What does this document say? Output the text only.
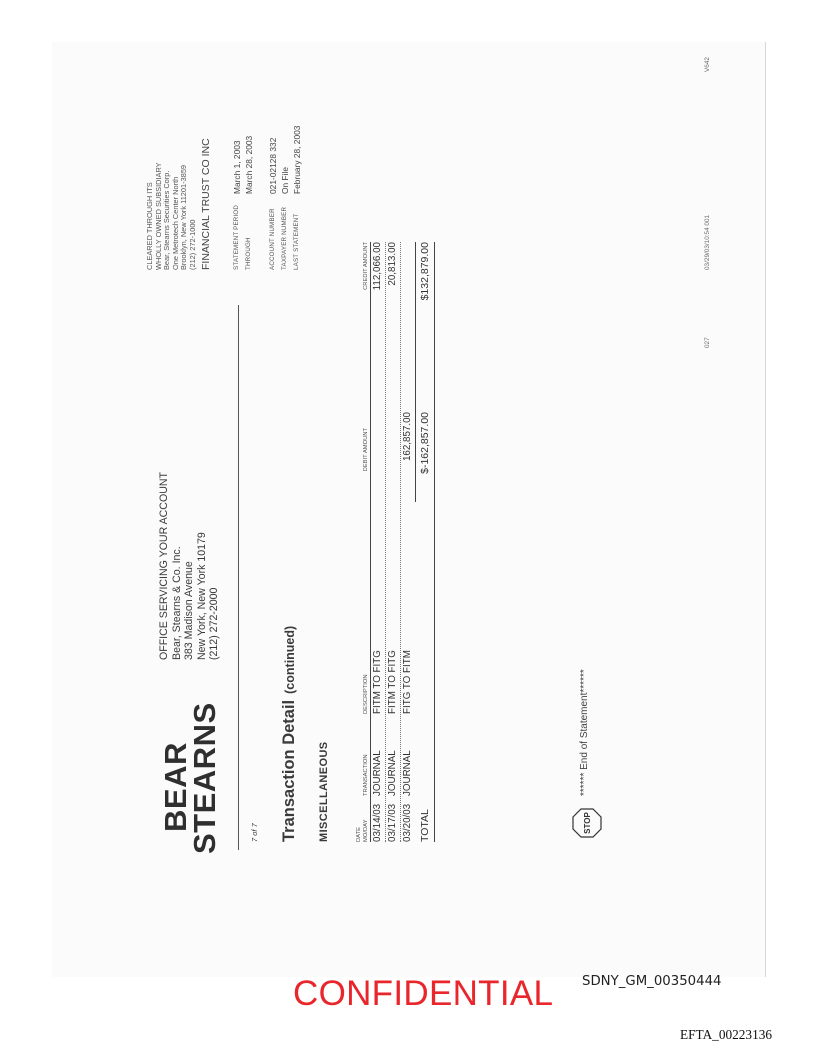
BEAR
STEARNS
OFFICE SERVICING YOUR ACCOUNT Bear, Stearns & Co. Inc. 383 Madison Avenue New York, New York 10179 (212) 272-2000
CLEARED THROUGH ITS WHOLLY OWNED SUBSIDIARY Bear, Stearns Securities Corp. One Metrotech Center North Brooklyn, New York 11201-3859 (212) 272-1000 FINANCIAL TRUST CO INC
7 of 7
STATEMENT PERIOD
March 1, 2003
THROUGH
March 28, 2003
ACCOUNT NUMBER
021-02128 332
TAXPAYER NUMBER
On File
LAST STATEMENT
February 28, 2003
Transaction Detail(continued)
MISCELLANEOUS	DATE MO/DAY
TRANSACTION
DESCRIPTION
DEBIT AMOUNT
CREDIT AMOUNT
03/14/03
JOURNAL
FITM TO FITG
112,066.00
03/17/03
JOURNAL
FITM TO FITG
20,813.00
03/20/03
JOURNAL
FITG TO FITM
162,857.00
TOTAL
$-162,857.00
$132,879.00
STOP
****** End of Statement******
027
03/29/03/10:54 001
V642
CONFIDENTIAL SDNY_GM_00350444
EFTA_00223136
